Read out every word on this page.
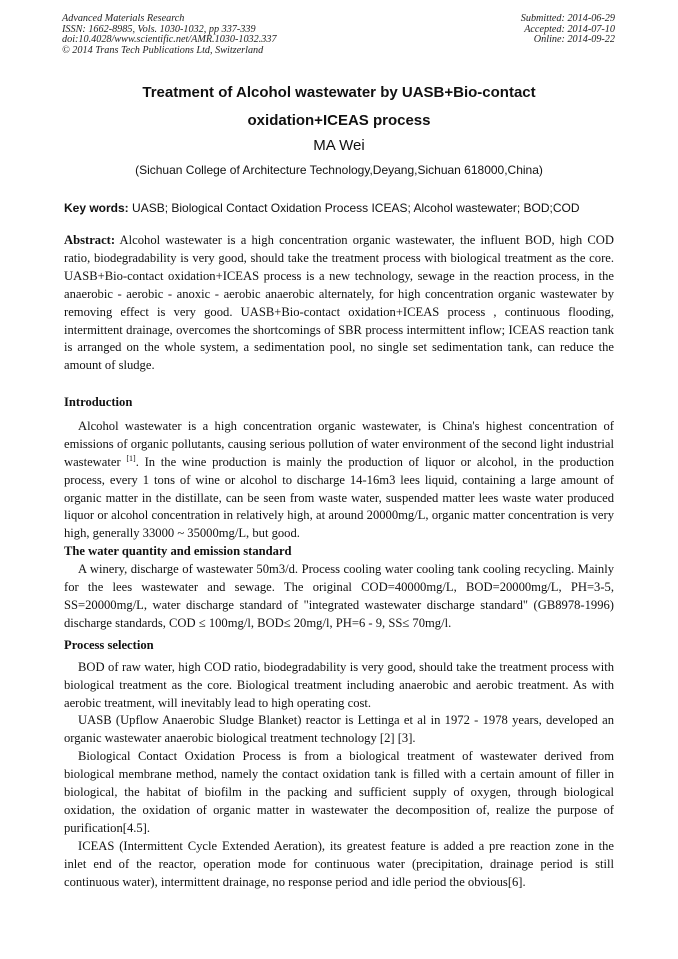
Advanced Materials Research
ISSN: 1662-8985, Vols. 1030-1032, pp 337-339
doi:10.4028/www.scientific.net/AMR.1030-1032.337
© 2014 Trans Tech Publications Ltd, Switzerland
Submitted: 2014-06-29
Accepted: 2014-07-10
Online: 2014-09-22
Treatment of Alcohol wastewater by UASB+Bio-contact
oxidation+ICEAS process
MA Wei
(Sichuan College of Architecture Technology,Deyang,Sichuan 618000,China)
Key words: UASB; Biological Contact Oxidation Process ICEAS; Alcohol wastewater; BOD;COD

Abstract: Alcohol wastewater is a high concentration organic wastewater, the influent BOD, high COD ratio, biodegradability is very good, should take the treatment process with biological treatment as the core. UASB+Bio-contact oxidation+ICEAS process is a new technology, sewage in the reaction process, in the anaerobic - aerobic - anoxic - aerobic anaerobic alternately, for high concentration organic wastewater by removing effect is very good. UASB+Bio-contact oxidation+ICEAS process , continuous flooding, intermittent drainage, overcomes the shortcomings of SBR process intermittent inflow; ICEAS reaction tank is arranged on the whole system, a sedimentation pool, no single set sedimentation tank, can reduce the amount of sludge.

Introduction

Alcohol wastewater is a high concentration organic wastewater, is China's highest concentration of emissions of organic pollutants, causing serious pollution of water environment of the second light industrial wastewater [1]. In the wine production is mainly the production of liquor or alcohol, in the production process, every 1 tons of wine or alcohol to discharge 14-16m3 lees liquid, containing a large amount of organic matter in the distillate, can be seen from waste water, suspended matter lees waste water produced liquor or alcohol concentration in relatively high, at around 20000mg/L, organic matter concentration is very high, generally 33000 ~ 35000mg/L, but good.

The water quantity and emission standard

A winery, discharge of wastewater 50m3/d. Process cooling water cooling tank cooling recycling. Mainly for the lees wastewater and sewage. The original COD=40000mg/L, BOD=20000mg/L, PH=3-5, SS=20000mg/L, water discharge standard of "integrated wastewater discharge standard" (GB8978-1996) discharge standards, COD ≤ 100mg/l, BOD≤ 20mg/l, PH=6 - 9, SS≤ 70mg/l.

Process selection

BOD of raw water, high COD ratio, biodegradability is very good, should take the treatment process with biological treatment as the core. Biological treatment including anaerobic and aerobic treatment. As with aerobic treatment, will inevitably lead to high operating cost.

UASB (Upflow Anaerobic Sludge Blanket) reactor is Lettinga et al in 1972 - 1978 years, developed an organic wastewater anaerobic biological treatment technology [2] [3].

Biological Contact Oxidation Process is from a biological treatment of wastewater derived from biological membrane method, namely the contact oxidation tank is filled with a certain amount of filler in biological, the habitat of biofilm in the packing and sufficient supply of oxygen, through biological oxidation, the oxidation of organic matter in wastewater the decomposition of, realize the purpose of purification[4.5].

ICEAS (Intermittent Cycle Extended Aeration), its greatest feature is added a pre reaction zone in the inlet end of the reactor, operation mode for continuous water (precipitation, drainage period is still continuous water), intermittent drainage, no response period and idle period the obvious[6].
